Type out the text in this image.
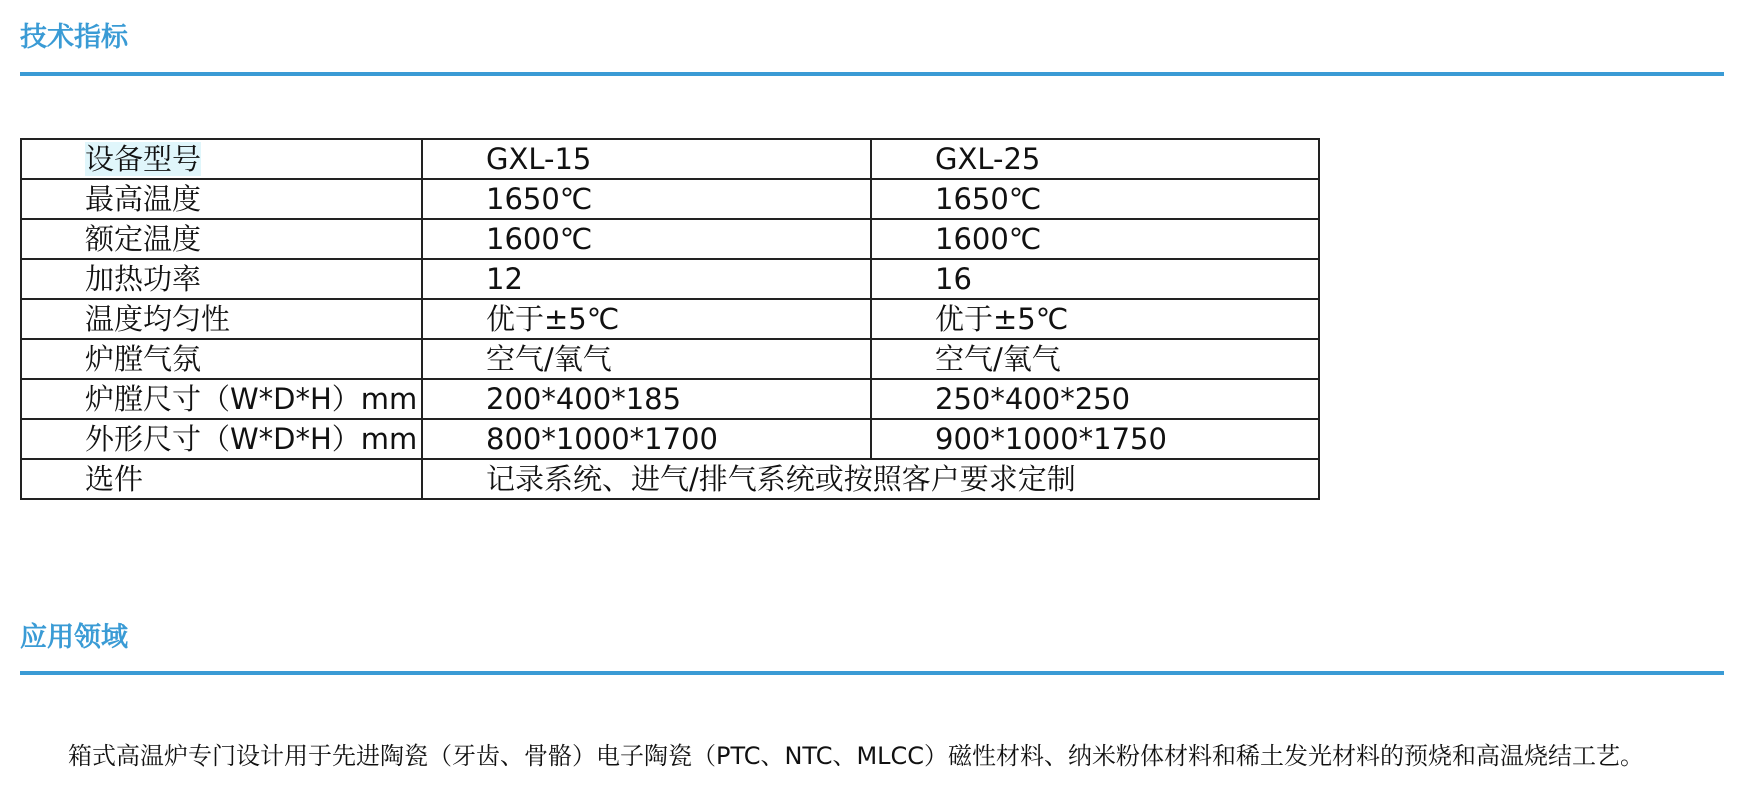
技术指标
设备型号	GXL-15	GXL-25
最高温度	1650℃	1650℃
额定温度	1600℃	1600℃
加热功率	12	16
温度均匀性	优于±5℃	优于±5℃
炉膛气氛	空气/氧气	空气/氧气
炉膛尺寸（W*D*H）mm	200*400*185	250*400*250
外形尺寸（W*D*H）mm	800*1000*1700	900*1000*1750
选件	记录系统、进气/排气系统或按照客户要求定制	
应用领域
箱式高温炉专门设计用于先进陶瓷（牙齿、骨骼）电子陶瓷（PTC、NTC、MLCC）磁性材料、纳米粉体材料和稀土发光材料的预烧和高温烧结工艺。
